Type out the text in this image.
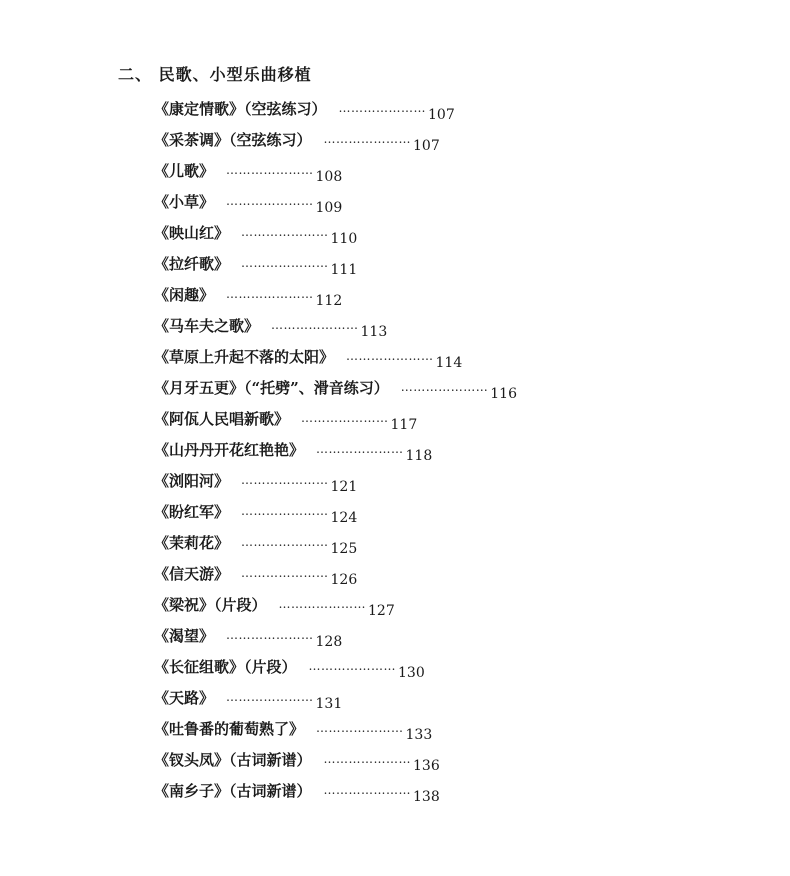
二、 民歌、小型乐曲移植
《康定情歌》（空弦练习） ………………… 107
《采茶调》（空弦练习） ………………… 107
《儿歌》 ………………… 108
《小草》 ………………… 109
《映山红》 ………………… 110
《拉纤歌》 ………………… 111
《闲趣》 ………………… 112
《马车夫之歌》 ………………… 113
《草原上升起不落的太阳》 ………………… 114
《月牙五更》（“托劈”、滑音练习） ………………… 116
《阿佤人民唱新歌》 ………………… 117
《山丹丹开花红艳艳》 ………………… 118
《浏阳河》 ………………… 121
《盼红军》 ………………… 124
《茉莉花》 ………………… 125
《信天游》 ………………… 126
《梁祝》（片段） ………………… 127
《渴望》 ………………… 128
《长征组歌》（片段） ………………… 130
《天路》 ………………… 131
《吐鲁番的葡萄熟了》 ………………… 133
《钗头凤》（古词新谱） ………………… 136
《南乡子》（古词新谱） ………………… 138
